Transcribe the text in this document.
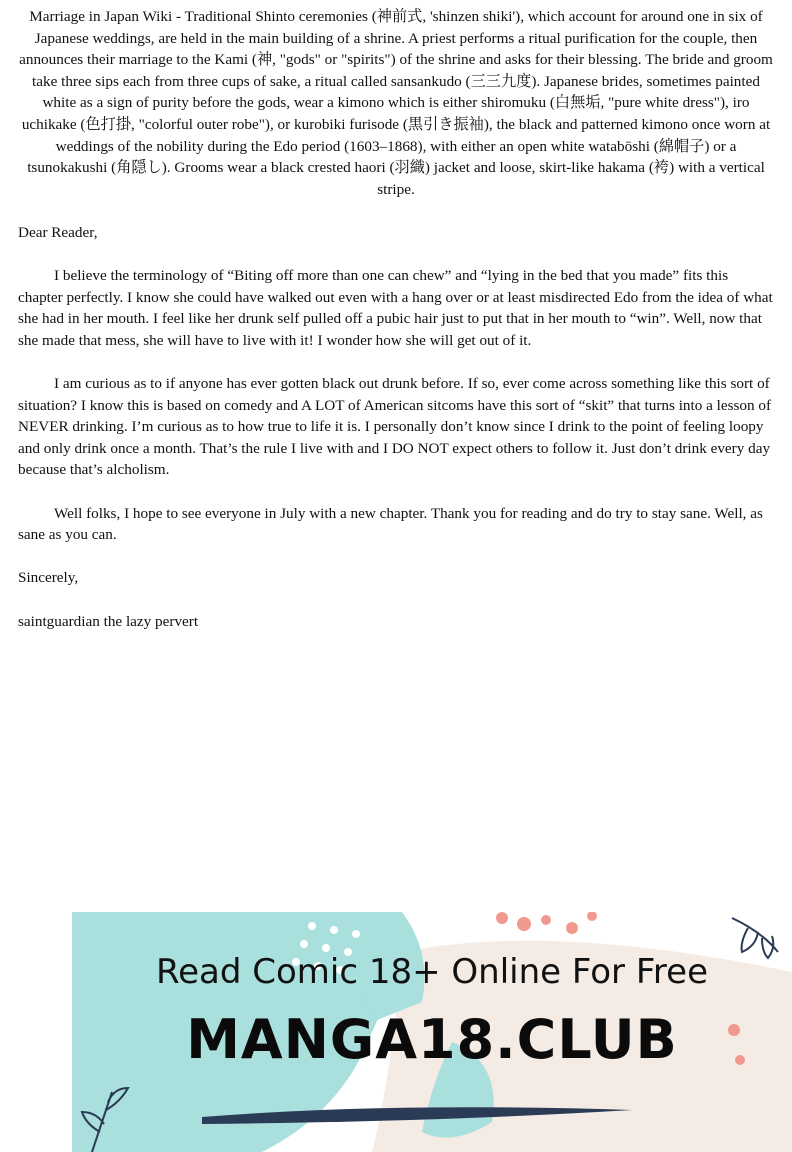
Marriage in Japan Wiki - Traditional Shinto ceremonies (神前式, 'shinzen shiki'), which account for around one in six of Japanese weddings, are held in the main building of a shrine. A priest performs a ritual purification for the couple, then announces their marriage to the Kami (神, "gods" or "spirits") of the shrine and asks for their blessing. The bride and groom take three sips each from three cups of sake, a ritual called sansankudo (三三九度). Japanese brides, sometimes painted white as a sign of purity before the gods, wear a kimono which is either shiromuku (白無垢, "pure white dress"), iro uchikake (色打掛, "colorful outer robe"), or kurobiki furisode (黒引き振袖), the black and patterned kimono once worn at weddings of the nobility during the Edo period (1603–1868), with either an open white watabōshi (綿帽子) or a tsunokakushi (角隠し). Grooms wear a black crested haori (羽織) jacket and loose, skirt-like hakama (袴) with a vertical stripe.

Dear Reader,

I believe the terminology of “Biting off more than one can chew” and “lying in the bed that you made” fits this chapter perfectly. I know she could have walked out even with a hang over or at least misdirected Edo from the idea of what she had in her mouth. I feel like her drunk self pulled off a pubic hair just to put that in her mouth to “win”. Well, now that she made that mess, she will have to live with it! I wonder how she will get out of it.

I am curious as to if anyone has ever gotten black out drunk before. If so, ever come across something like this sort of situation? I know this is based on comedy and A LOT of American sitcoms have this sort of “skit” that turns into a lesson of NEVER drinking. I’m curious as to how true to life it is. I personally don’t know since I drink to the point of feeling loopy and only drink once a month. That’s the rule I live with and I DO NOT expect others to follow it. Just don’t drink every day because that’s alcholism.

Well folks, I hope to see everyone in July with a new chapter. Thank you for reading and do try to stay sane. Well, as sane as you can.

Sincerely,

saintguardian the lazy pervert

Read Comic 18+ Online For Free
MANGA18.CLUB
